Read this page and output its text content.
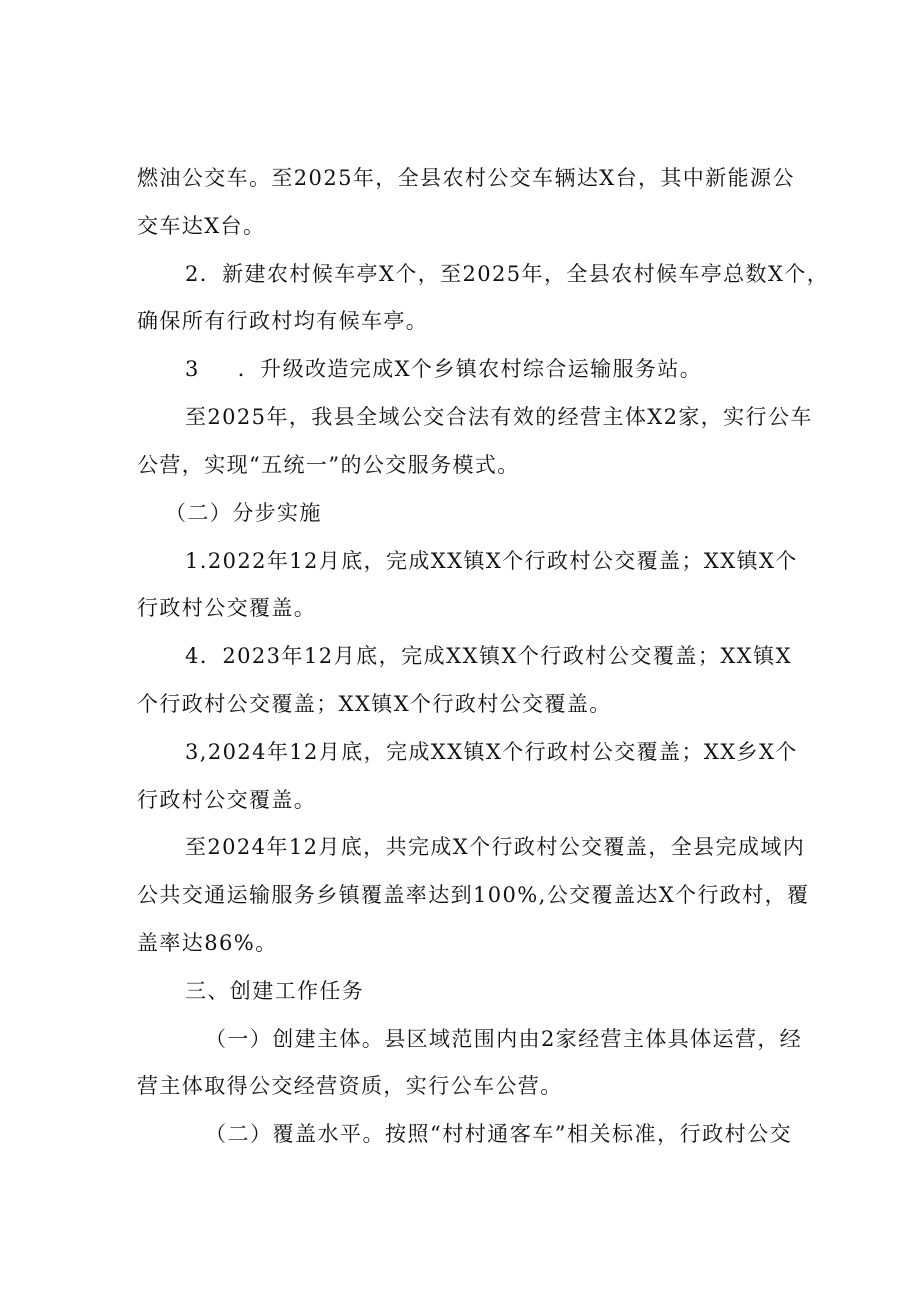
燃油公交车。至2025年，全县农村公交车辆达X台，其中新能源公
交车达X台。
2．新建农村候车亭X个，至2025年，全县农村候车亭总数X个，
确保所有行政村均有候车亭。
3 ．升级改造完成X个乡镇农村综合运输服务站。
至2025年，我县全域公交合法有效的经营主体X2家，实行公车
公营，实现“五统一”的公交服务模式。
（二）分步实施
1.2022年12月底，完成XX镇X个行政村公交覆盖；XX镇X个
行政村公交覆盖。
4．2023年12月底，完成XX镇X个行政村公交覆盖；XX镇X
个行政村公交覆盖；XX镇X个行政村公交覆盖。
3,2024年12月底，完成XX镇X个行政村公交覆盖；XX乡X个
行政村公交覆盖。
至2024年12月底，共完成X个行政村公交覆盖，全县完成域内
公共交通运输服务乡镇覆盖率达到100%,公交覆盖达X个行政村，覆
盖率达86%。
三、创建工作任务
（一）创建主体。县区域范围内由2家经营主体具体运营，经
营主体取得公交经营资质，实行公车公营。
（二）覆盖水平。按照“村村通客车”相关标准，行政村公交
